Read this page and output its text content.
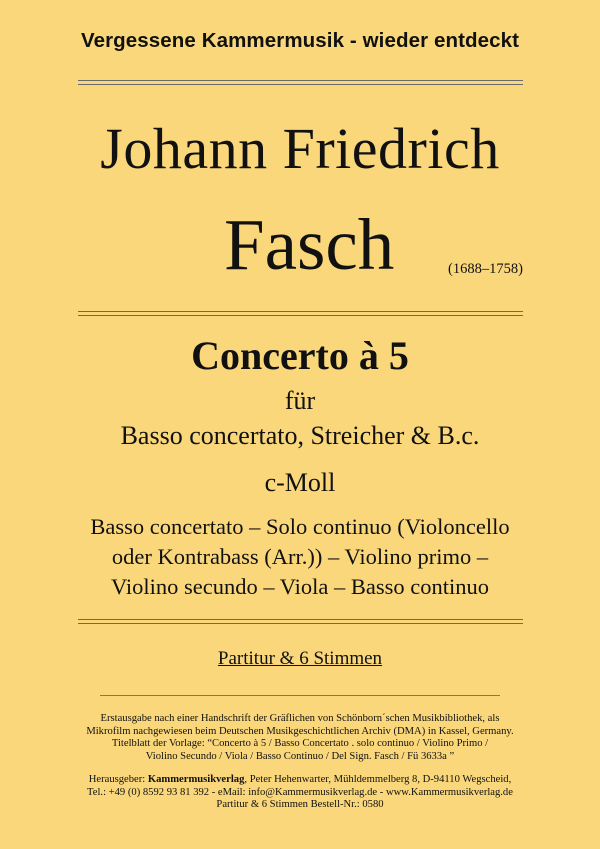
Vergessene Kammermusik - wieder entdeckt
Johann Friedrich
Fasch	(1688–1758)
Concerto à 5
für
Basso concertato, Streicher & B.c.
c-Moll
Basso concertato – Solo continuo (Violoncello
oder Kontrabass (Arr.)) – Violino primo –
Violino secundo – Viola – Basso continuo
Partitur & 6 Stimmen
Erstausgabe nach einer Handschrift der Gräflichen von Schönborn´schen Musikbibliothek, als
Mikrofilm nachgewiesen beim Deutschen Musikgeschichtlichen Archiv (DMA) in Kassel, Germany.
Titelblatt der Vorlage: “Concerto à 5 / Basso Concertato . solo continuo / Violino Primo /
Violino Secundo / Viola / Basso Continuo / Del Sign. Fasch / Fü 3633a ”
Herausgeber: Kammermusikverlag, Peter Hehenwarter, Mühldemmelberg 8, D-94110 Wegscheid,
Tel.: +49 (0) 8592 93 81 392 - eMail: info@Kammermusikverlag.de - www.Kammermusikverlag.de
Partitur & 6 Stimmen Bestell-Nr.: 0580
